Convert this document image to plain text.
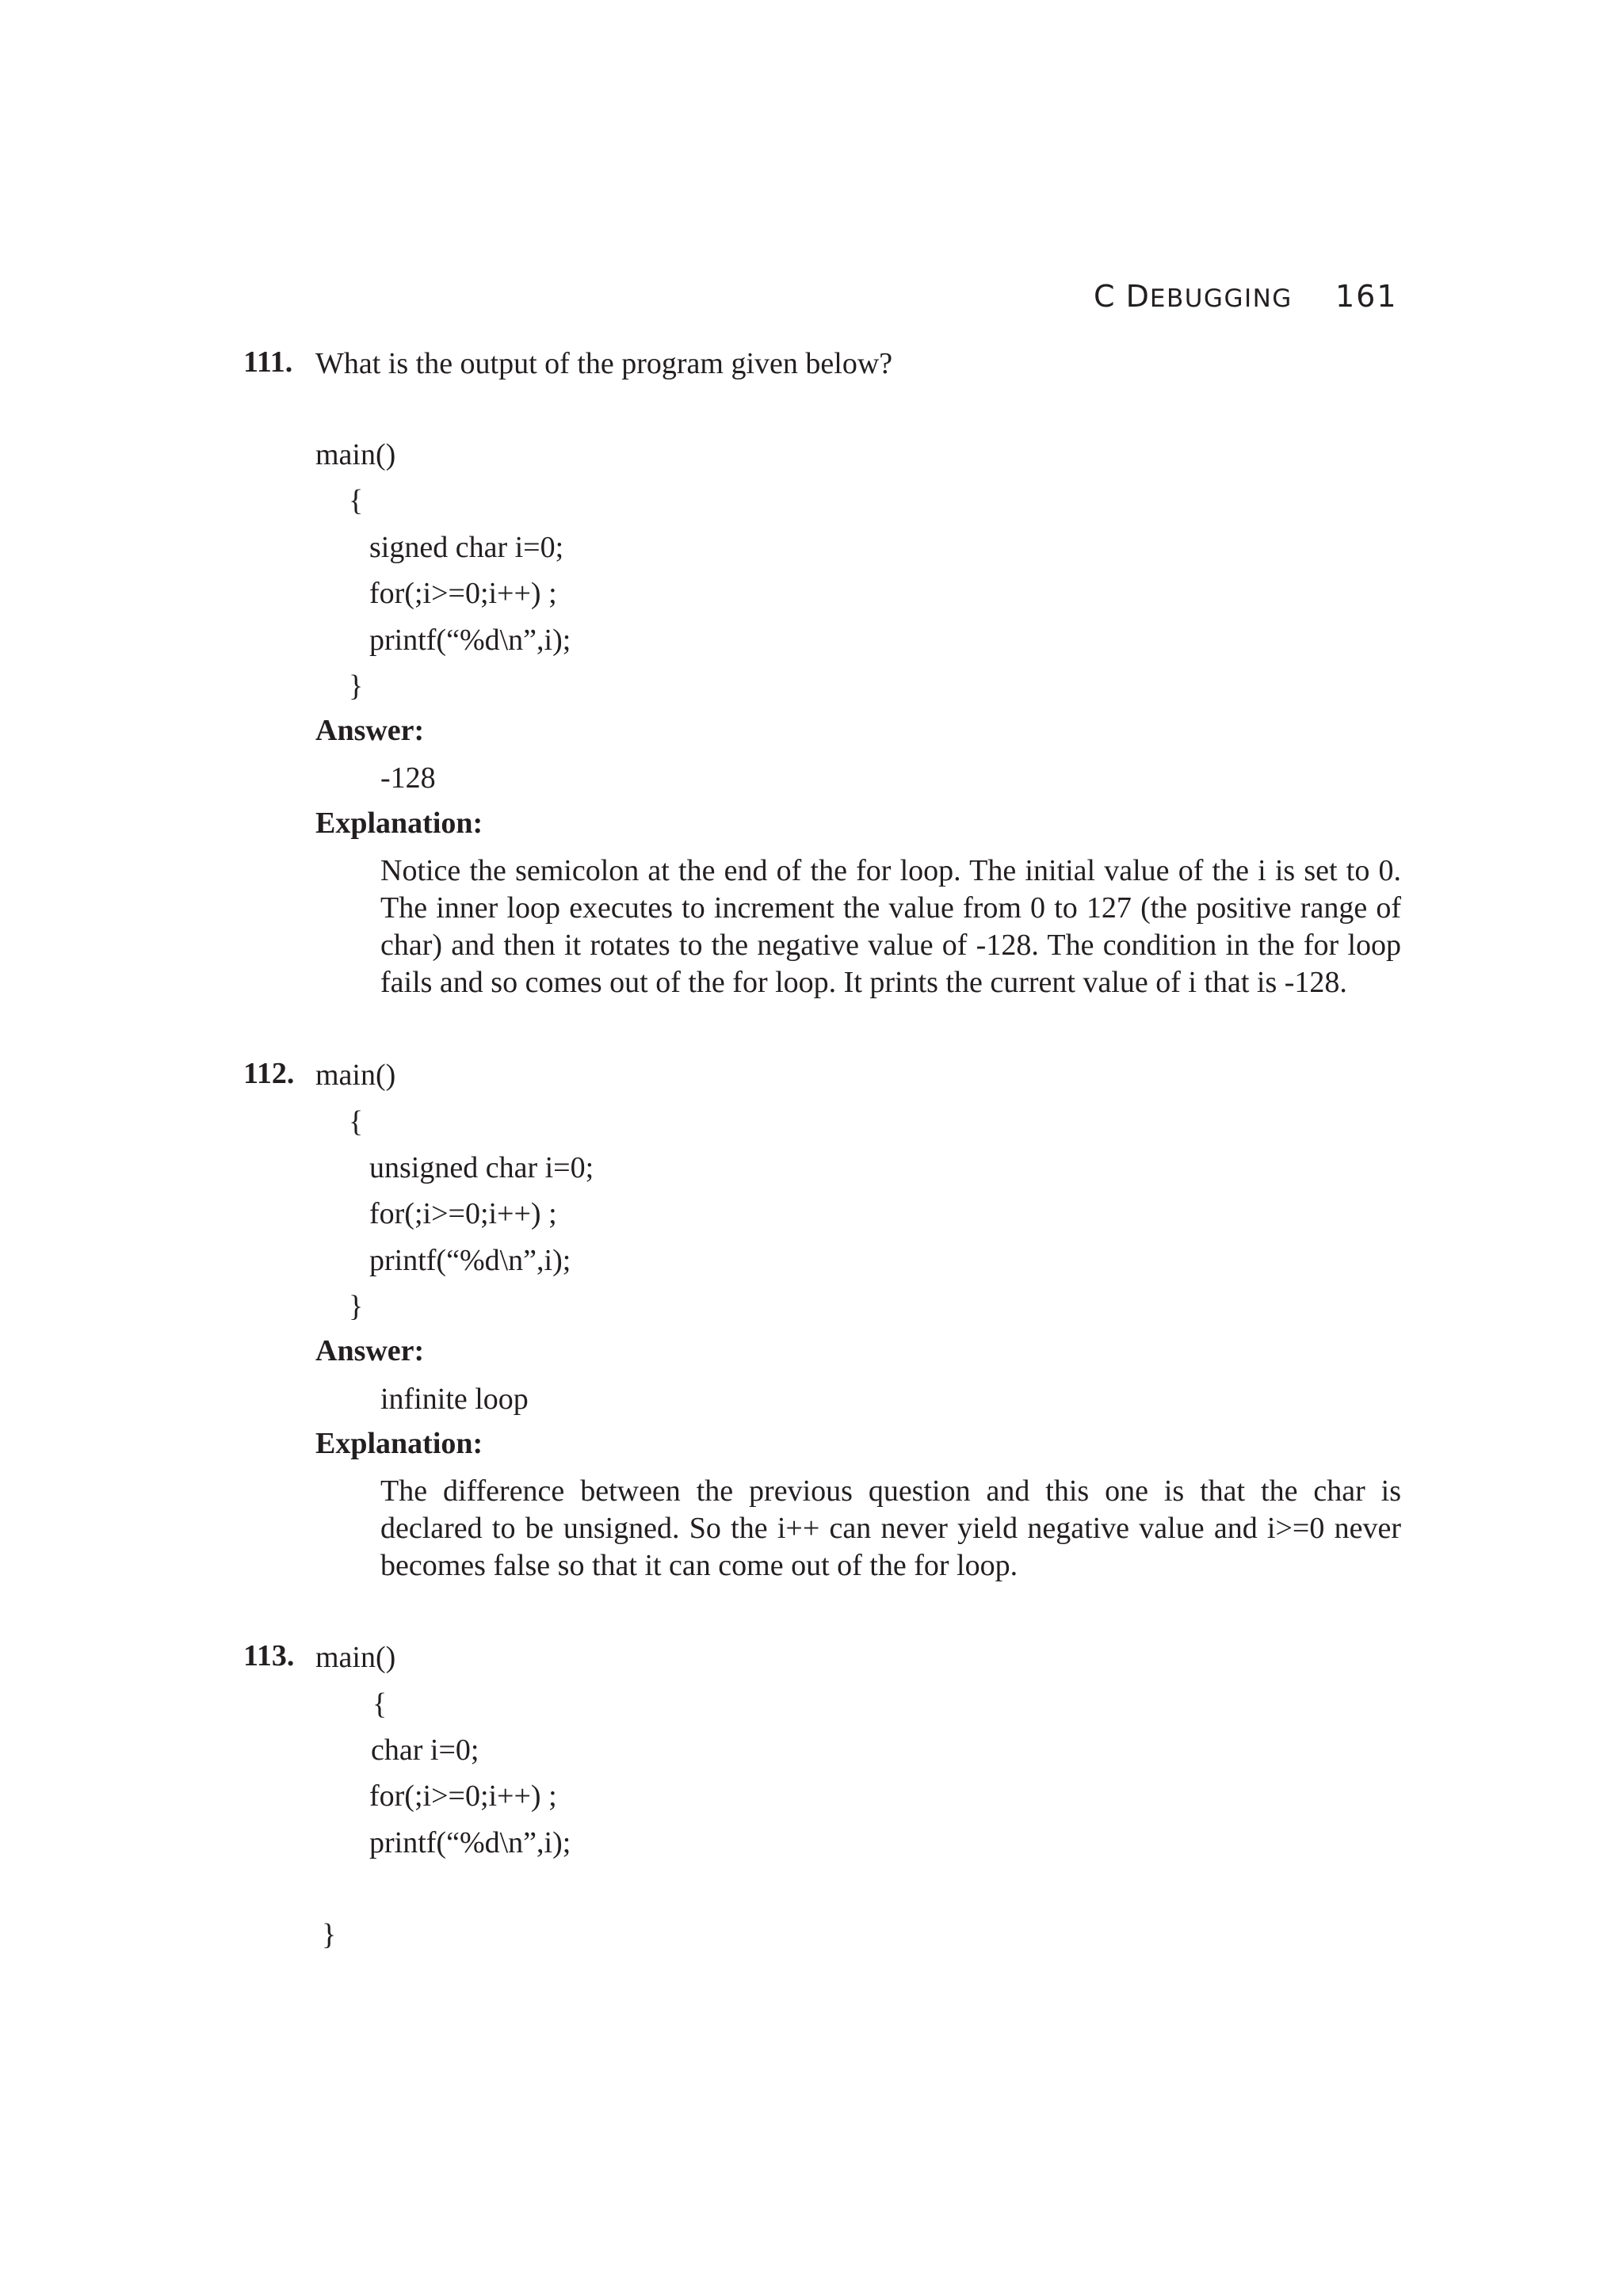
C DEBUGGING 161
111. What is the output of the program given below?
main()
{
signed char i=0;
for(;i>=0;i++) ;
printf(“%d\n”,i);
}
Answer:
-128
Explanation:
Notice the semicolon at the end of the for loop. The initial value of the i is set to 0. The inner loop executes to increment the value from 0 to 127 (the positive range of char) and then it rotates to the negative value of -128. The condition in the for loop fails and so comes out of the for loop. It prints the current value of i that is -128.
112. main()
{
unsigned char i=0;
for(;i>=0;i++) ;
printf(“%d\n”,i);
}
Answer:
infinite loop
Explanation:
The difference between the previous question and this one is that the char is declared to be unsigned. So the i++ can never yield negative value and i>=0 never becomes false so that it can come out of the for loop.
113. main()
{
char i=0;
for(;i>=0;i++) ;
printf(“%d\n”,i);
}
